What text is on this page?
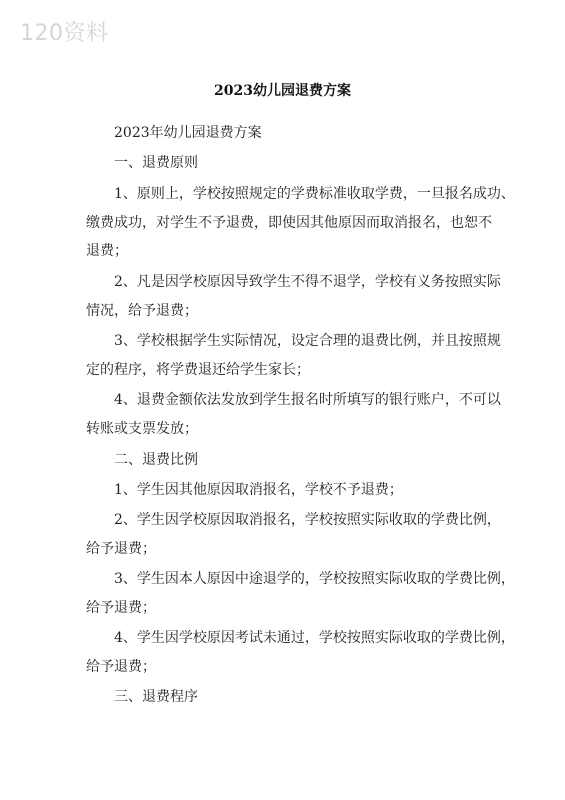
120资料
2023幼儿园退费方案
2023年幼儿园退费方案
一、退费原则
1、原则上，学校按照规定的学费标准收取学费，一旦报名成功、
缴费成功，对学生不予退费，即使因其他原因而取消报名，也恕不
退费；
2、凡是因学校原因导致学生不得不退学，学校有义务按照实际
情况，给予退费；
3、学校根据学生实际情况，设定合理的退费比例，并且按照规
定的程序，将学费退还给学生家长；
4、退费金额依法发放到学生报名时所填写的银行账户，不可以
转账或支票发放；
二、退费比例
1、学生因其他原因取消报名，学校不予退费；
2、学生因学校原因取消报名，学校按照实际收取的学费比例，
给予退费；
3、学生因本人原因中途退学的，学校按照实际收取的学费比例，
给予退费；
4、学生因学校原因考试未通过，学校按照实际收取的学费比例，
给予退费；
三、退费程序
